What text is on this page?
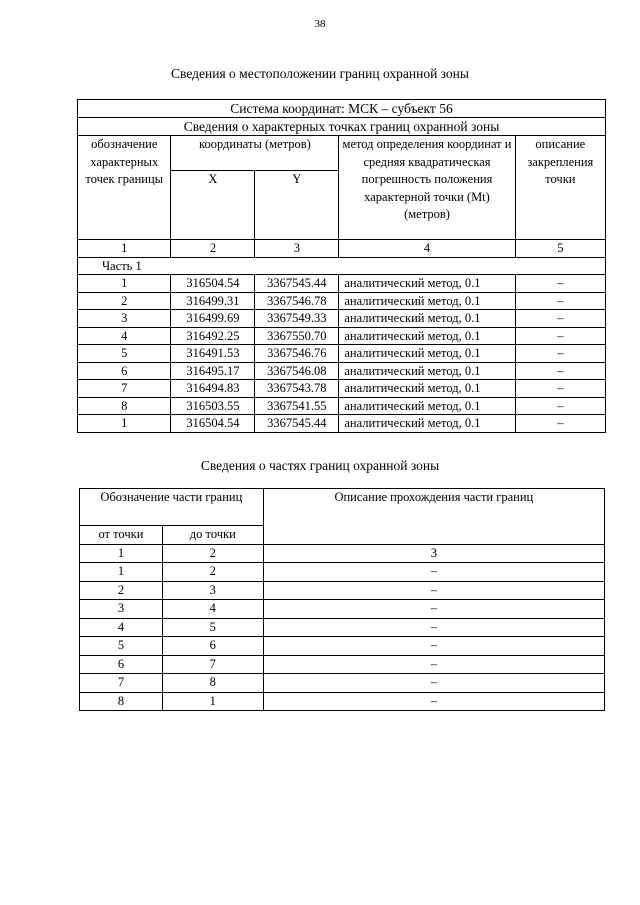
38
Сведения о местоположении границ охранной зоны
Система координат: МСК – субъект 56				
Сведения о характерных точках границ охранной зоны				
обозначение характерных точек границы	координаты (метров)		метод определения координат и средняя квадратическая погрешность положения характерной точки (Mt) (метров)	описание закрепления точки
	X	Y		
1	2	3	4	5
Часть 1				
1	316504.54	3367545.44	аналитический метод, 0.1	–
2	316499.31	3367546.78	аналитический метод, 0.1	–
3	316499.69	3367549.33	аналитический метод, 0.1	–
4	316492.25	3367550.70	аналитический метод, 0.1	–
5	316491.53	3367546.76	аналитический метод, 0.1	–
6	316495.17	3367546.08	аналитический метод, 0.1	–
7	316494.83	3367543.78	аналитический метод, 0.1	–
8	316503.55	3367541.55	аналитический метод, 0.1	–
1	316504.54	3367545.44	аналитический метод, 0.1	–
Сведения о частях границ охранной зоны
Обозначение части границ		Описание прохождения части границ
от точки	до точки	
1	2	3
1	2	–
2	3	–
3	4	–
4	5	–
5	6	–
6	7	–
7	8	–
8	1	–
